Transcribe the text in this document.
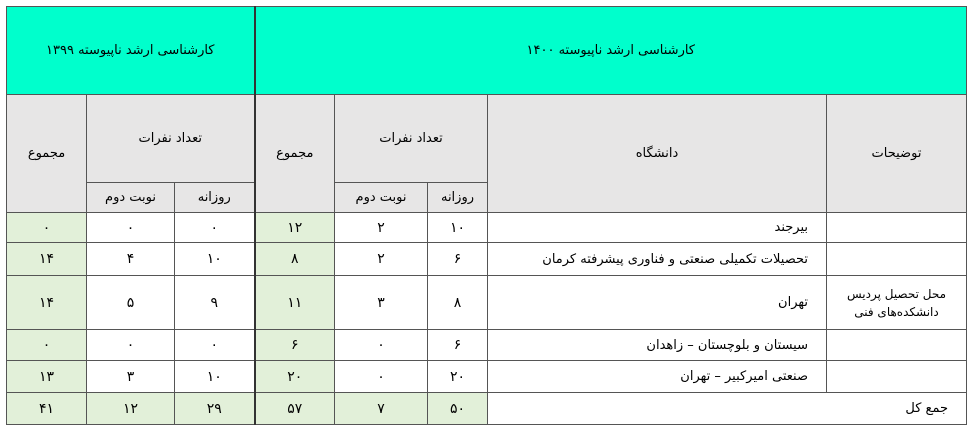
کارشناسی ارشد ناپیوسته ۱۴۰۰					کارشناسی ارشد ناپیوسته ۱۳۹۹		
توضیحات	دانشگاه	تعداد نفرات		مجموع	تعداد نفرات		مجموع
		روزانه	نوبت دوم		روزانه	نوبت دوم	
	بیرجند	۱۰	۲	۱۲	۰	۰	۰
	تحصیلات تکمیلی صنعتی و فناوری پیشرفته کرمان	۶	۲	۸	۱۰	۴	۱۴
محل تحصیل پردیس دانشکده‌های فنی	تهران	۸	۳	۱۱	۹	۵	۱۴
	سیستان و بلوچستان – زاهدان	۶	۰	۶	۰	۰	۰
	صنعتی امیرکبیر – تهران	۲۰	۰	۲۰	۱۰	۳	۱۳
جمع کل		۵۰	۷	۵۷	۲۹	۱۲	۴۱
